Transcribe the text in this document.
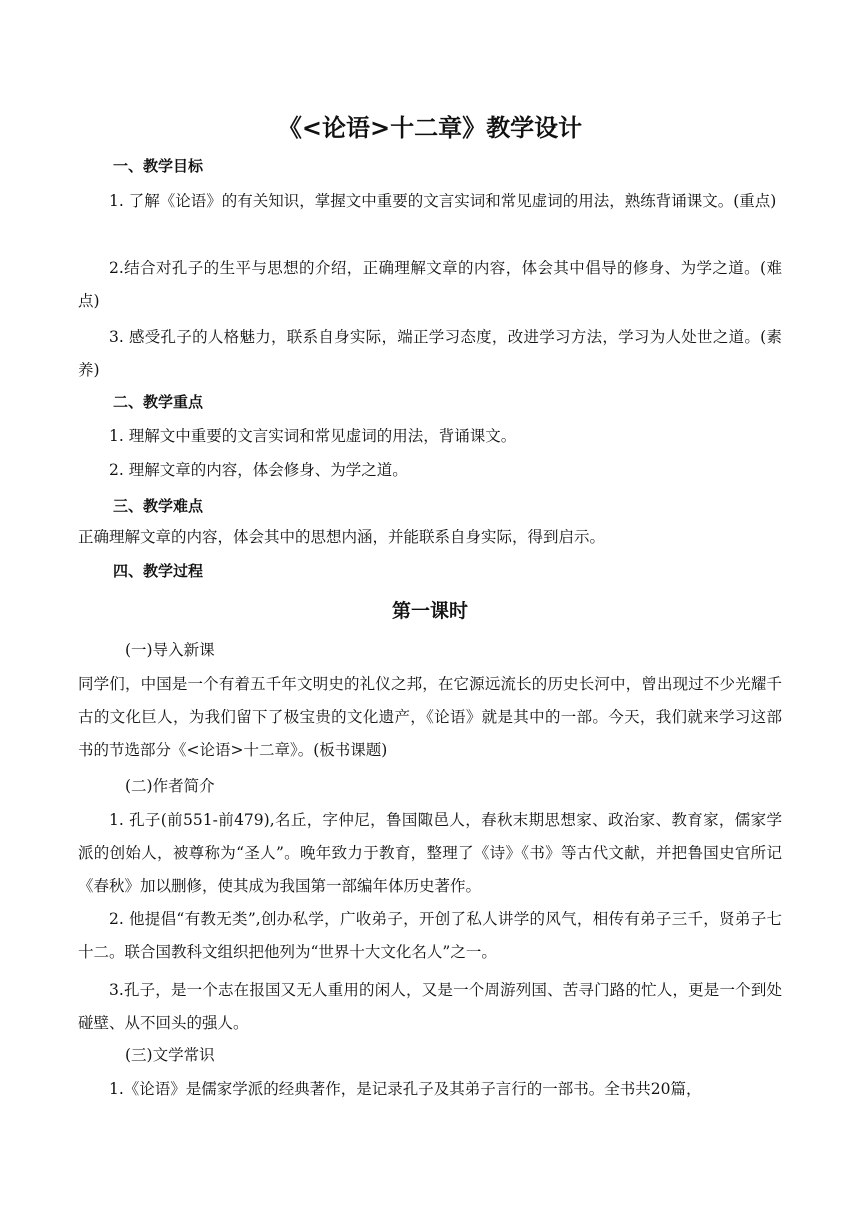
《<论语>十二章》教学设计
一、教学目标

1. 了解《论语》的有关知识，掌握文中重要的文言实词和常见虚词的用法，熟练背诵课文。(重点)

2.结合对孔子的生平与思想的介绍，正确理解文章的内容，体会其中倡导的修身、为学之道。(难点)

3. 感受孔子的人格魅力，联系自身实际，端正学习态度，改进学习方法，学习为人处世之道。(素养)

二、教学重点

1. 理解文中重要的文言实词和常见虚词的用法，背诵课文。

2. 理解文章的内容，体会修身、为学之道。

三、教学难点

正确理解文章的内容，体会其中的思想内涵，并能联系自身实际，得到启示。

四、教学过程
第一课时

(一)导入新课

同学们，中国是一个有着五千年文明史的礼仪之邦，在它源远流长的历史长河中，曾出现过不少光耀千古的文化巨人，为我们留下了极宝贵的文化遗产，《论语》就是其中的一部。今天，我们就来学习这部书的节选部分《<论语>十二章》。(板书课题)

(二)作者简介

1. 孔子(前551-前479),名丘，字仲尼，鲁国陬邑人，春秋末期思想家、政治家、教育家，儒家学派的创始人，被尊称为“圣人”。晚年致力于教育，整理了《诗》《书》等古代文献，并把鲁国史官所记《春秋》加以删修，使其成为我国第一部编年体历史著作。

2. 他提倡“有教无类”,创办私学，广收弟子，开创了私人讲学的风气，相传有弟子三千，贤弟子七十二。联合国教科文组织把他列为“世界十大文化名人”之一。

3.孔子，是一个志在报国又无人重用的闲人，又是一个周游列国、苦寻门路的忙人，更是一个到处碰壁、从不回头的强人。

(三)文学常识

1.《论语》是儒家学派的经典著作，是记录孔子及其弟子言行的一部书。全书共20篇，
